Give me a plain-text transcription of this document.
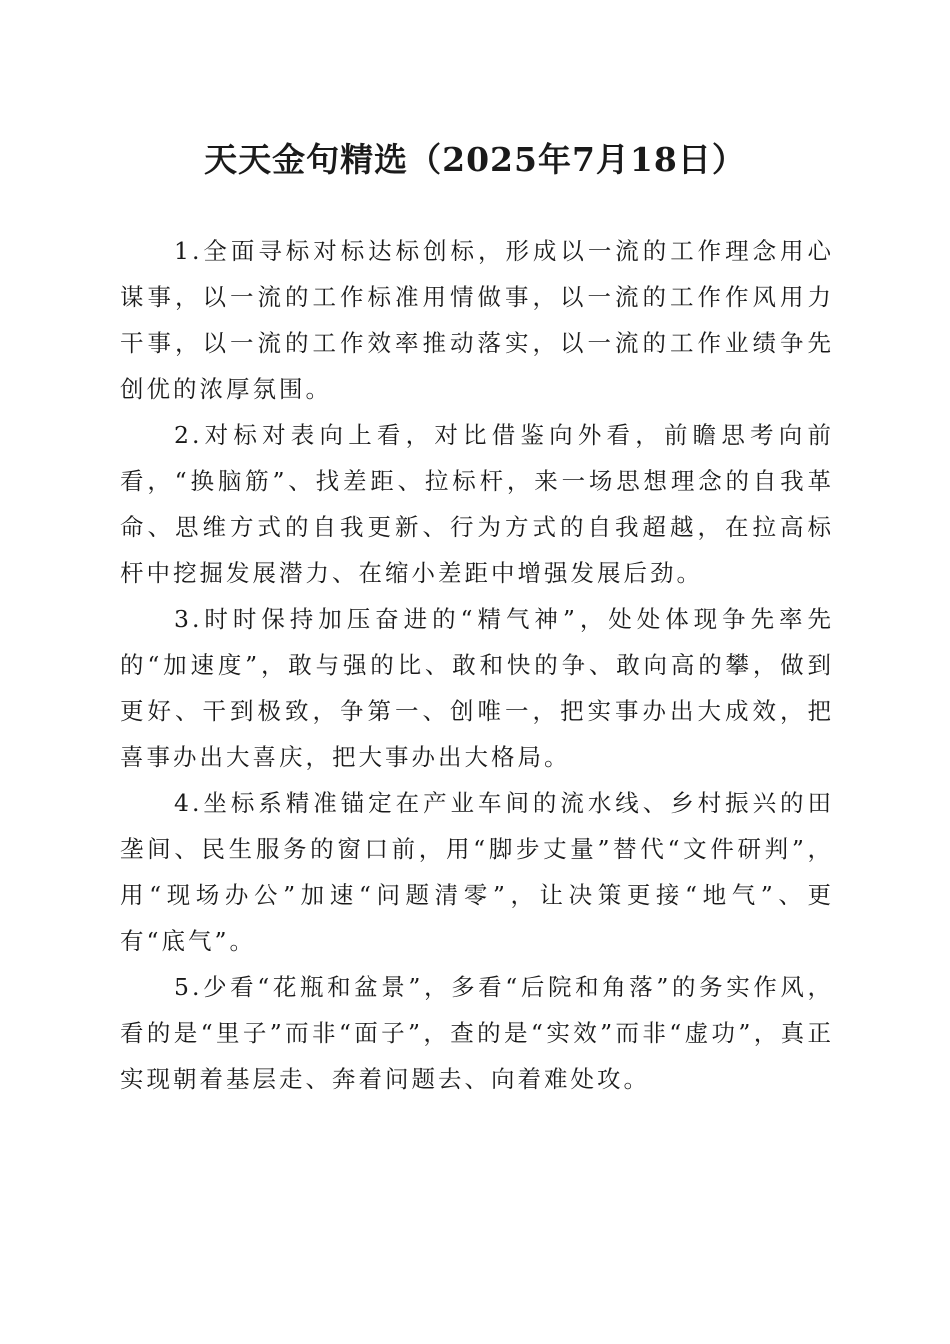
天天金句精选（2025年7月18日）

1.全面寻标对标达标创标，形成以一流的工作理念用心谋事，以一流的工作标准用情做事，以一流的工作作风用力干事，以一流的工作效率推动落实，以一流的工作业绩争先创优的浓厚氛围。

2.对标对表向上看，对比借鉴向外看，前瞻思考向前看，“换脑筋”、找差距、拉标杆，来一场思想理念的自我革命、思维方式的自我更新、行为方式的自我超越，在拉高标杆中挖掘发展潜力、在缩小差距中增强发展后劲。

3.时时保持加压奋进的“精气神”，处处体现争先率先的“加速度”，敢与强的比、敢和快的争、敢向高的攀，做到更好、干到极致，争第一、创唯一，把实事办出大成效，把喜事办出大喜庆，把大事办出大格局。

4.坐标系精准锚定在产业车间的流水线、乡村振兴的田垄间、民生服务的窗口前，用“脚步丈量”替代“文件研判”，用“现场办公”加速“问题清零”，让决策更接“地气”、更有“底气”。

5.少看“花瓶和盆景”，多看“后院和角落”的务实作风，看的是“里子”而非“面子”，查的是“实效”而非“虚功”，真正实现朝着基层走、奔着问题去、向着难处攻。
